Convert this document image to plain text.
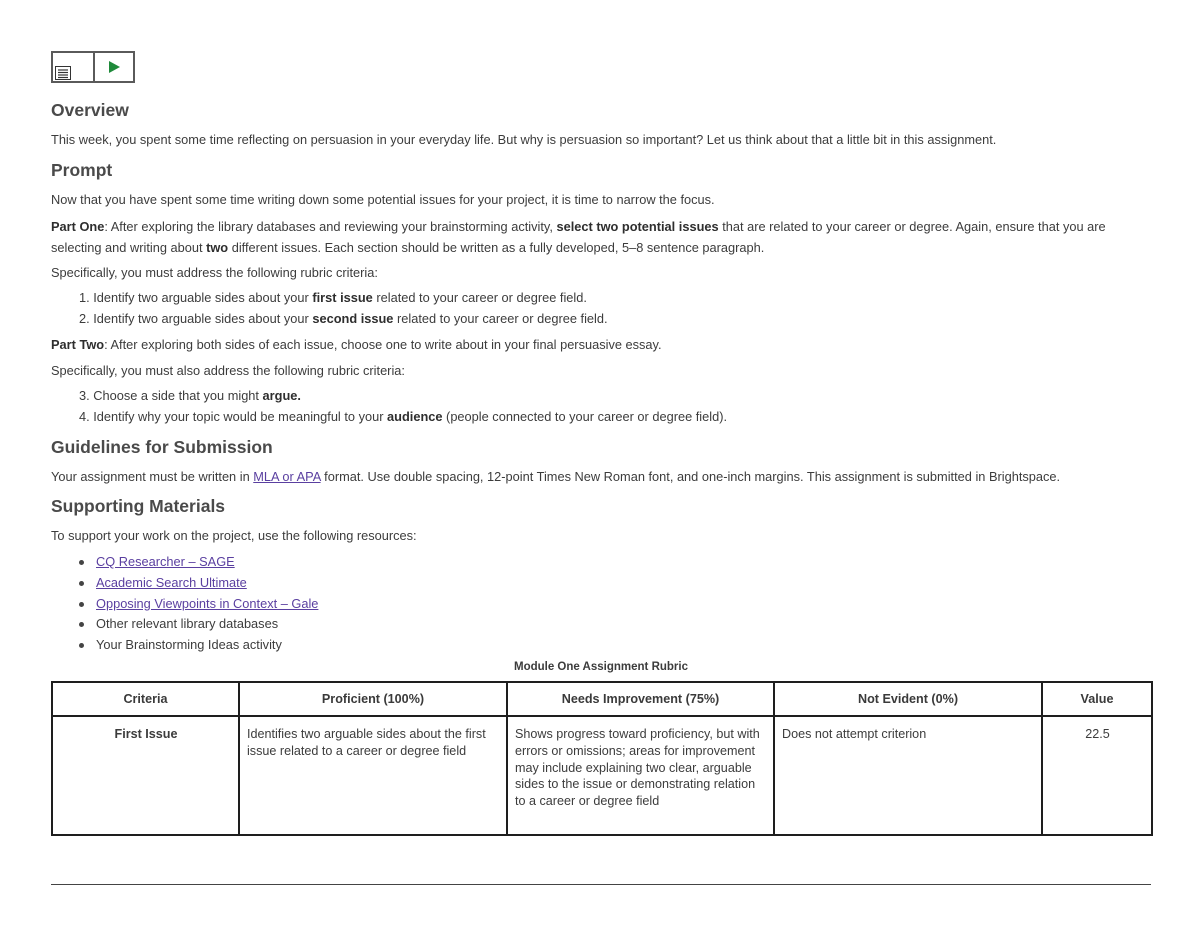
Overview

This week, you spent some time reflecting on persuasion in your everyday life. But why is persuasion so important? Let us think about that a little bit in this assignment.

Prompt

Now that you have spent some time writing down some potential issues for your project, it is time to narrow the focus.

Part One: After exploring the library databases and reviewing your brainstorming activity, select two potential issues that are related to your career or degree. Again, ensure that you are selecting and writing about two different issues. Each section should be written as a fully developed, 5–8 sentence paragraph.

Specifically, you must address the following rubric criteria:

1. Identify two arguable sides about your first issue related to your career or degree field.
2. Identify two arguable sides about your second issue related to your career or degree field.

Part Two: After exploring both sides of each issue, choose one to write about in your final persuasive essay.

Specifically, you must also address the following rubric criteria:

3. Choose a side that you might argue.
4. Identify why your topic would be meaningful to your audience (people connected to your career or degree field).
Guidelines for Submission

Your assignment must be written in MLA or APA format. Use double spacing, 12-point Times New Roman font, and one-inch margins. This assignment is submitted in Brightspace.

Supporting Materials

To support your work on the project, use the following resources:

CQ Researcher – SAGE
Academic Search Ultimate
Opposing Viewpoints in Context – Gale
Other relevant library databases
Your Brainstorming Ideas activity
Module One Assignment Rubric
Criteria	Proficient (100%)	Needs Improvement (75%)	Not Evident (0%)	Value
First Issue	Identifies two arguable sides about the first issue related to a career or degree field	Shows progress toward proficiency, but with errors or omissions; areas for improvement may include explaining two clear, arguable sides to the issue or demonstrating relation to a career or degree field	Does not attempt criterion	22.5
